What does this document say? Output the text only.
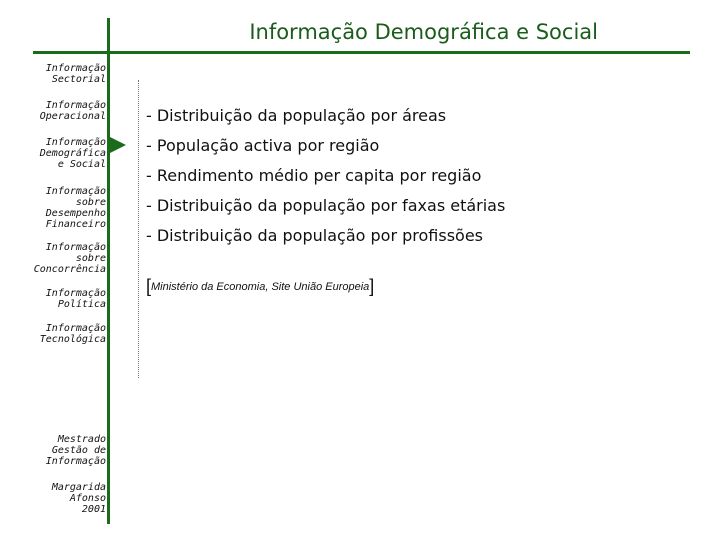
Informação Demográfica e Social
Informação
Sectorial
Informação
Operacional
Informação
Demográfica
e Social
Informação
sobre
Desempenho
Financeiro
Informação
sobre
Concorrência
Informação
Política
Informação
Tecnológica
Mestrado
Gestão de
Informação
Margarida
Afonso
2001
- Distribuição da população por áreas
- População activa por região
- Rendimento médio per capita por região
- Distribuição da população por faxas etárias
- Distribuição da população por profissões
[Ministério da Economia, Site União Europeia]
